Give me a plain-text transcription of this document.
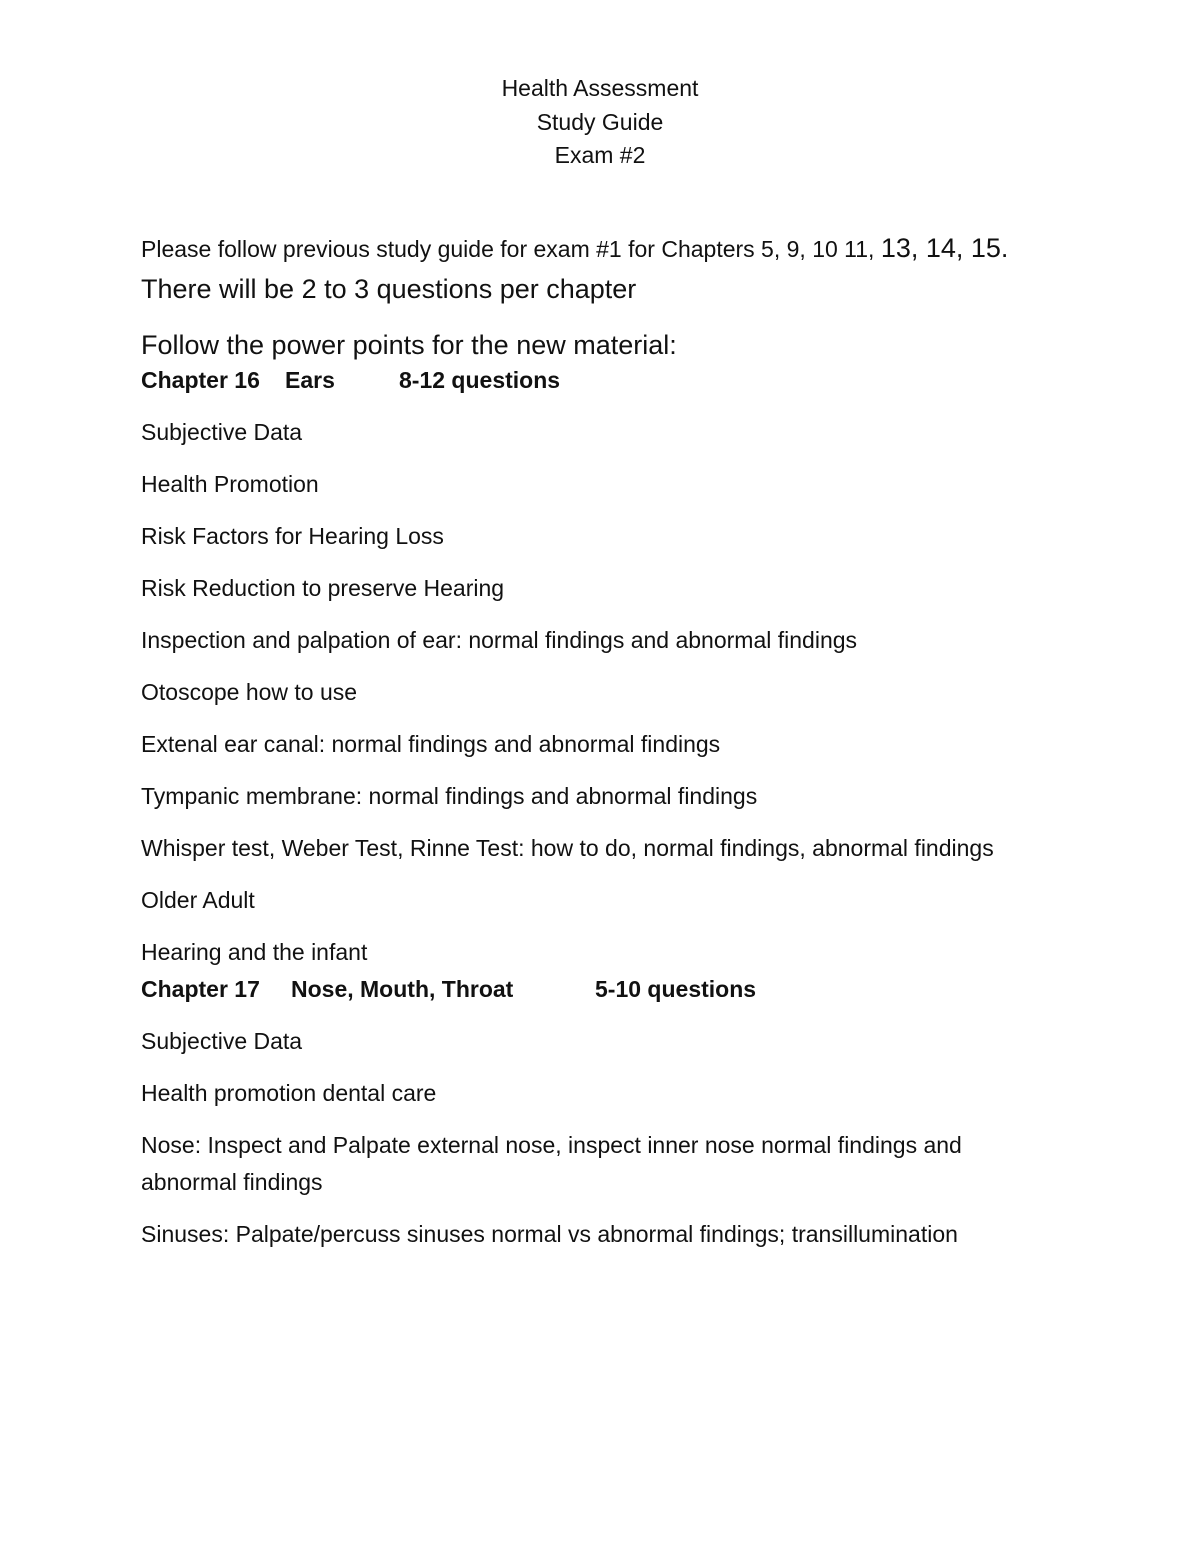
Health Assessment
Study Guide
Exam #2

Please follow previous study guide for exam #1 for Chapters 5, 9, 10 11, 13, 14, 15. There will be 2 to 3 questions per chapter

Follow the power points for the new material:

Chapter 16 Ears	8-12 questions

Subjective Data

Health Promotion

Risk Factors for Hearing Loss

Risk Reduction to preserve Hearing

Inspection and palpation of ear: normal findings and abnormal findings

Otoscope how to use

Extenal ear canal: normal findings and abnormal findings

Tympanic membrane: normal findings and abnormal findings

Whisper test, Weber Test, Rinne Test: how to do, normal findings, abnormal findings

Older Adult

Hearing and the infant

Chapter 17 Nose, Mouth, Throat	5-10 questions

Subjective Data

Health promotion dental care

Nose: Inspect and Palpate external nose, inspect inner nose normal findings and abnormal findings

Sinuses: Palpate/percuss sinuses normal vs abnormal findings; transillumination
